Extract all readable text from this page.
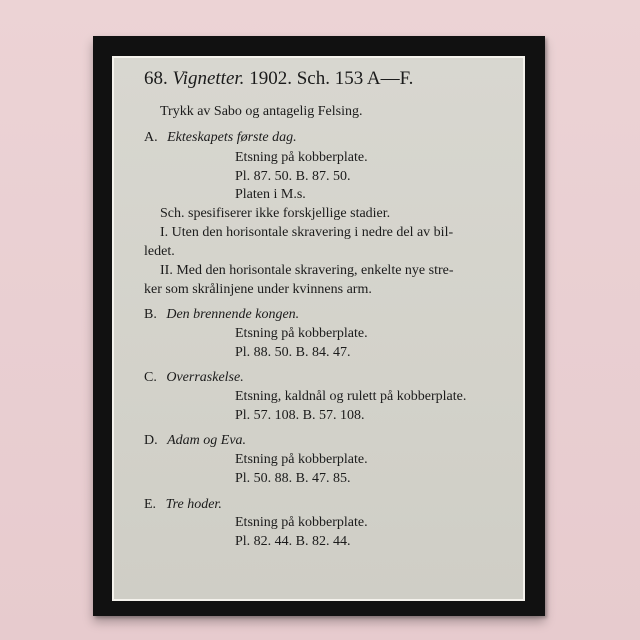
68. Vignetter. 1902. Sch. 153 A—F.
Trykk av Sabo og antagelig Felsing.
A. Ekteskapets første dag.
Etsning på kobberplate.
Pl. 87. 50. B. 87. 50.
Platen i M.s.
Sch. spesifiserer ikke forskjellige stadier.
I. Uten den horisontale skravering i nedre del av bil-
ledet.
II. Med den horisontale skravering, enkelte nye stre-
ker som skrålinjene under kvinnens arm.
B. Den brennende kongen.
Etsning på kobberplate.
Pl. 88. 50. B. 84. 47.
C. Overraskelse.
Etsning, kaldnål og rulett på kobberplate.
Pl. 57. 108. B. 57. 108.
D. Adam og Eva.
Etsning på kobberplate.
Pl. 50. 88. B. 47. 85.
E. Tre hoder.
Etsning på kobberplate.
Pl. 82. 44. B. 82. 44.
